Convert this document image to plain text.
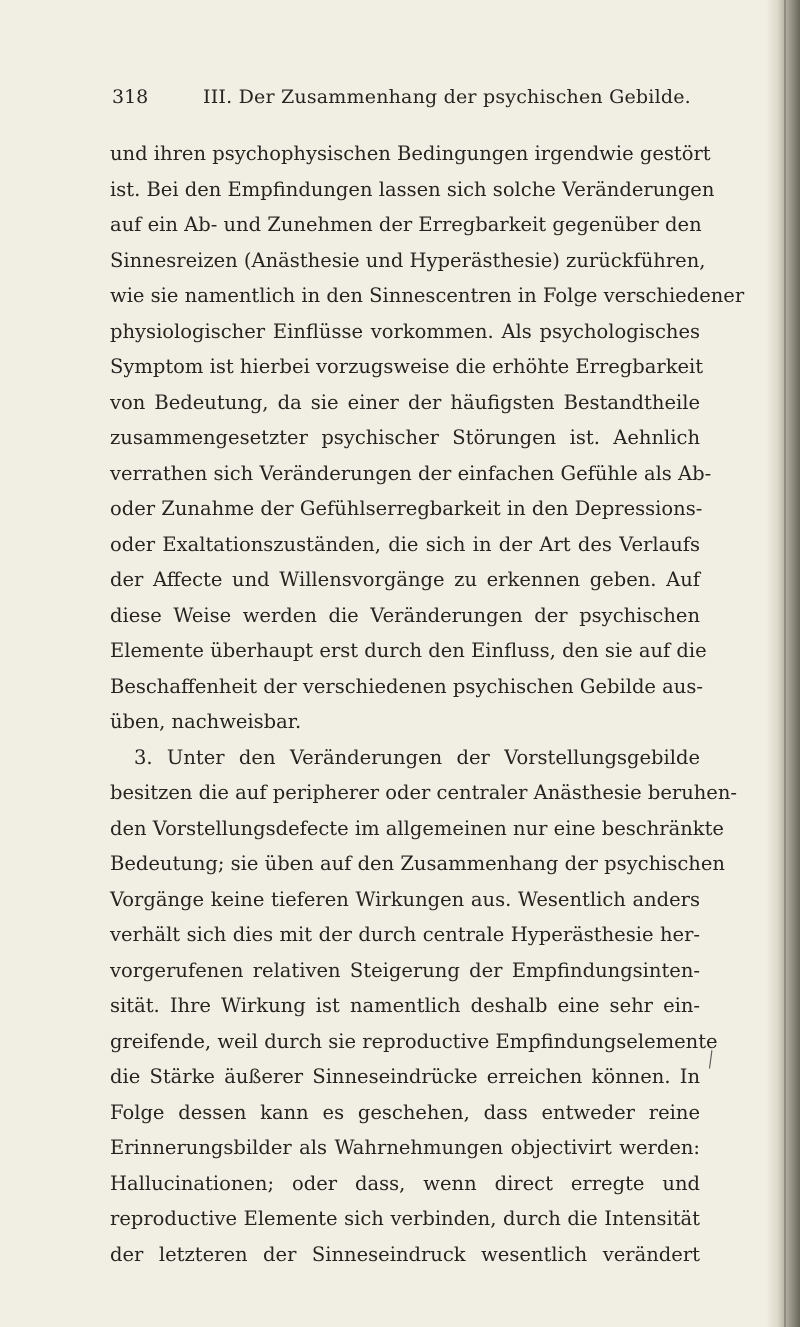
318	III. Der Zusammenhang der psychischen Gebilde.
und ihren psychophysischen Bedingungen irgendwie gestört
ist. Bei den Empfindungen lassen sich solche Veränderungen
auf ein Ab- und Zunehmen der Erregbarkeit gegenüber den
Sinnesreizen (Anästhesie und Hyperästhesie) zurückführen,
wie sie namentlich in den Sinnescentren in Folge verschiedener
physiologischer Einflüsse vorkommen. Als psychologisches
Symptom ist hierbei vorzugsweise die erhöhte Erregbarkeit
von Bedeutung, da sie einer der häufigsten Bestandtheile
zusammengesetzter psychischer Störungen ist. Aehnlich
verrathen sich Veränderungen der einfachen Gefühle als Ab-
oder Zunahme der Gefühlserregbarkeit in den Depressions-
oder Exaltationszuständen, die sich in der Art des Verlaufs
der Affecte und Willensvorgänge zu erkennen geben. Auf
diese Weise werden die Veränderungen der psychischen
Elemente überhaupt erst durch den Einfluss, den sie auf die
Beschaffenheit der verschiedenen psychischen Gebilde aus-
üben, nachweisbar.
3. Unter den Veränderungen der Vorstellungsgebilde
besitzen die auf peripherer oder centraler Anästhesie beruhen-
den Vorstellungsdefecte im allgemeinen nur eine beschränkte
Bedeutung; sie üben auf den Zusammenhang der psychischen
Vorgänge keine tieferen Wirkungen aus. Wesentlich anders
verhält sich dies mit der durch centrale Hyperästhesie her-
vorgerufenen relativen Steigerung der Empfindungsinten-
sität. Ihre Wirkung ist namentlich deshalb eine sehr ein-
greifende, weil durch sie reproductive Empfindungselemente
die Stärke äußerer Sinneseindrücke erreichen können. In
Folge dessen kann es geschehen, dass entweder reine
Erinnerungsbilder als Wahrnehmungen objectivirt werden:
Hallucinationen; oder dass, wenn direct erregte und
reproductive Elemente sich verbinden, durch die Intensität
der letzteren der Sinneseindruck wesentlich verändert
╲
